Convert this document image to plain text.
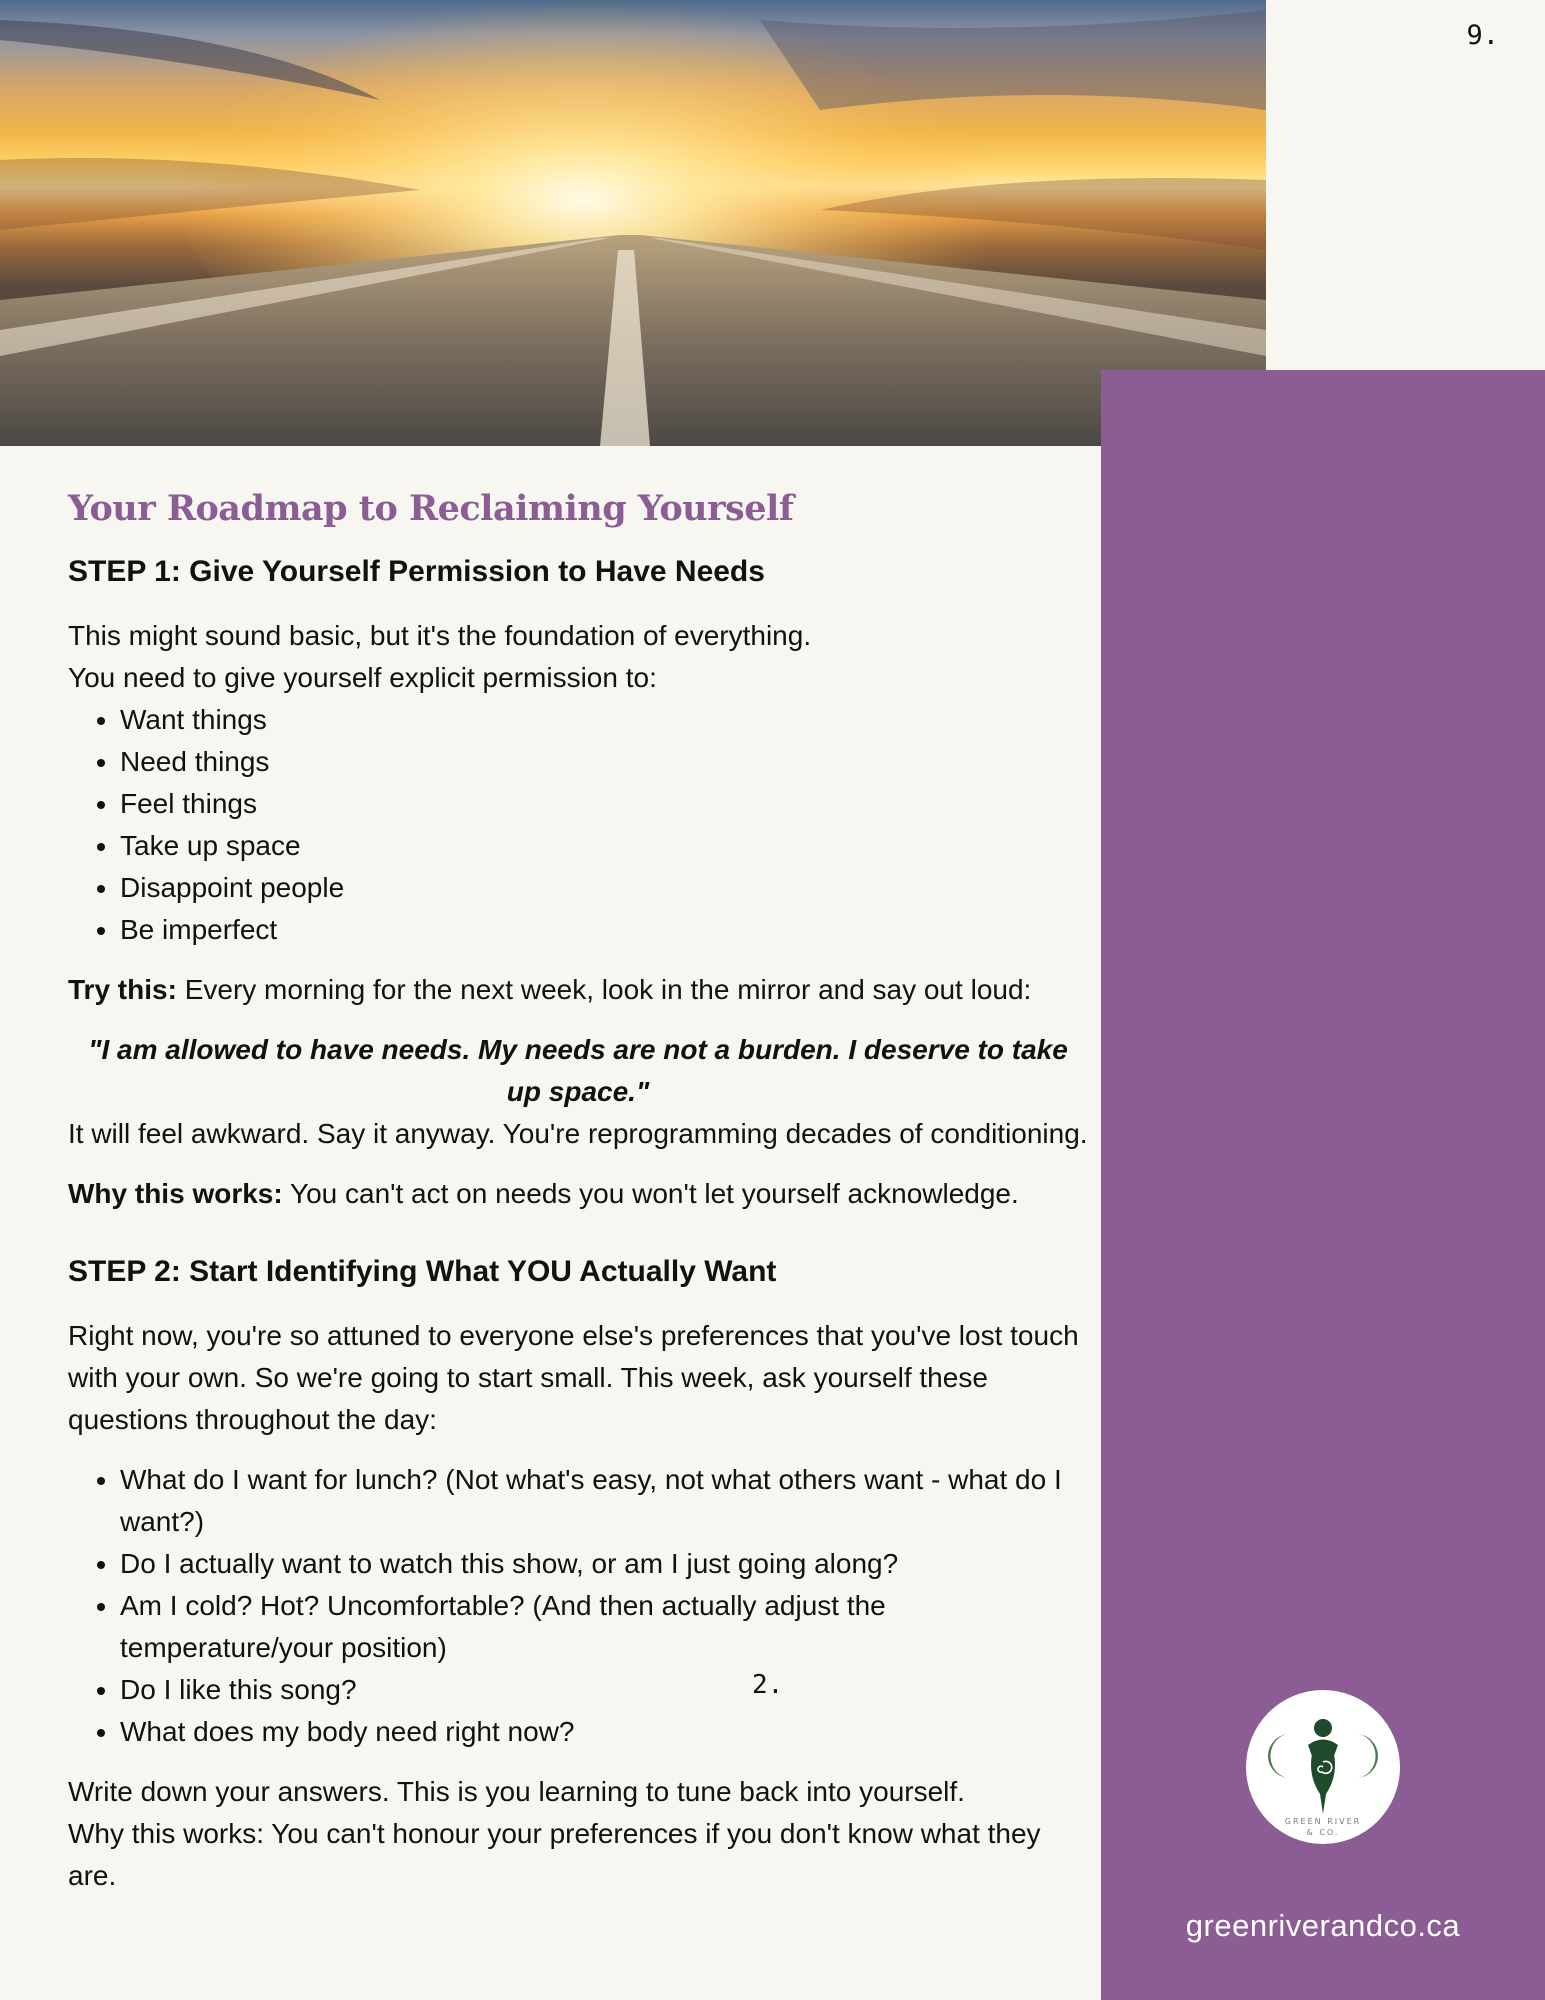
9.
Your Roadmap to Reclaiming Yourself
STEP 1: Give Yourself Permission to Have Needs

This might sound basic, but it's the foundation of everything.

You need to give yourself explicit permission to:

• Want things
• Need things
• Feel things
• Take up space
• Disappoint people
• Be imperfect

Try this: Every morning for the next week, look in the mirror and say out loud:

"I am allowed to have needs. My needs are not a burden. I deserve to take up space."

It will feel awkward. Say it anyway. You're reprogramming decades of conditioning.

Why this works: You can't act on needs you won't let yourself acknowledge.

STEP 2: Start Identifying What YOU Actually Want

Right now, you're so attuned to everyone else's preferences that you've lost touch with your own. So we're going to start small. This week, ask yourself these questions throughout the day:

• What do I want for lunch? (Not what's easy, not what others want - what do I want?)
• Do I actually want to watch this show, or am I just going along?
• Am I cold? Hot? Uncomfortable? (And then actually adjust the temperature/your position)
• Do I like this song?
• What does my body need right now?

Write down your answers. This is you learning to tune back into yourself.

Why this works: You can't honour your preferences if you don't know what they are.

2.
GREEN RIVER
& CO.
greenriverandco.ca
